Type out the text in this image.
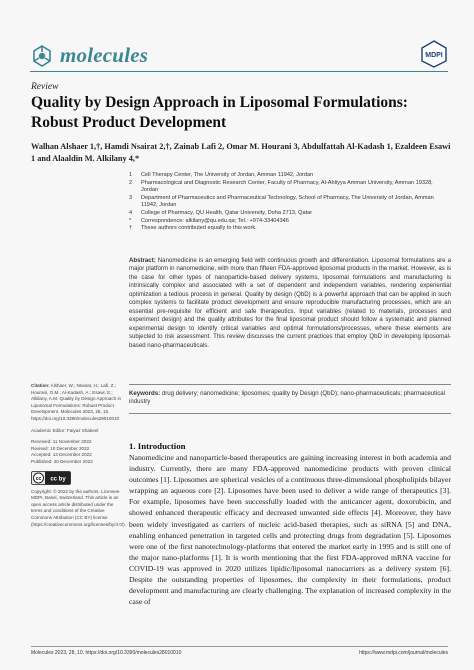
molecules	MDPI
Review
Quality by Design Approach in Liposomal Formulations: Robust Product Development
Walhan Alshaer 1,†, Hamdi Nsairat 2,†, Zainab Lafi 2, Omar M. Hourani 3, Abdulfattah Al-Kadash 1, Ezaldeen Esawi 1 and Alaaldin M. Alkilany 4,*
1	Cell Therapy Center, The University of Jordan, Amman 11942, Jordan
2	Pharmacological and Diagnostic Research Center, Faculty of Pharmacy, Al-Ahliyya Amman University, Amman 19328, Jordan
3	Department of Pharmaceutics and Pharmaceutical Technology, School of Pharmacy, The University of Jordan, Amman 11942, Jordan
4	College of Pharmacy, QU Health, Qatar University, Doha 2713, Qatar
*	Correspondence: alkilany@qu.edu.qa; Tel.: +974-33404346
†	These authors contributed equally to this work.
Abstract: Nanomedicine is an emerging field with continuous growth and differentiation. Liposomal formulations are a major platform in nanomedicine, with more than fifteen FDA-approved liposomal products in the market. However, as is the case for other types of nanoparticle-based delivery systems, liposomal formulations and manufacturing is intrinsically complex and associated with a set of dependent and independent variables, rendering experiential optimization a tedious process in general. Quality by design (QbD) is a powerful approach that can be applied in such complex systems to facilitate product development and ensure reproducible manufacturing processes, which are an essential pre-requisite for efficient and safe therapeutics. Input variables (related to materials, processes and experiment design) and the quality attributes for the final liposomal product should follow a systematic and planned experimental design to identify critical variables and optimal formulations/processes, where these elements are subjected to risk assessment. This review discusses the current practices that employ QbD in developing liposomal-based nano-pharmaceuticals.
Keywords: drug delivery; nanomedicine; liposomes; quality by Design (QbD); nano-pharmaceuticals; pharmaceutical industry
Citation: Alshaer, W.; Nsairat, H.; Lafi, Z.; Hourani, O.M.; Al-Kadash, A.; Esawi, E.; Alkilany, A.M. Quality by Design Approach in Liposomal Formulations: Robust Product Development. Molecules 2023, 28, 10. https://doi.org/10.3390/molecules28010010
Academic Editor: Faiyaz Shakeel
Received: 11 November 2022
Revised: 10 December 2022
Accepted: 13 December 2022
Published: 20 December 2022
cc cc by
Copyright: © 2022 by the authors. Licensee MDPI, Basel, Switzerland. This article is an open access article distributed under the terms and conditions of the Creative Commons Attribution (CC BY) license (https://creativecommons.org/licenses/by/4.0/).
1. Introduction
Nanomedicine and nanoparticle-based therapeutics are gaining increasing interest in both academia and industry. Currently, there are many FDA-approved nanomedicine products with proven clinical outcomes [1]. Liposomes are spherical vesicles of a continuous three-dimensional phospholipids bilayer wrapping an aqueous core [2]. Liposomes have been used to deliver a wide range of therapeutics [3]. For example, liposomes have been successfully loaded with the anticancer agent, doxorubicin, and showed enhanced therapeutic efficacy and decreased unwanted side effects [4]. Moreover, they have been widely investigated as carriers of nucleic acid-based therapies, such as siRNA [5] and DNA, enabling enhanced penetration in targeted cells and protecting drugs from degradation [5]. Liposomes were one of the first nanotechnology-platforms that entered the market early in 1995 and is still one of the major nano-platforms [1]. It is worth mentioning that the first FDA-approved mRNA vaccine for COVID-19 was approved in 2020 utilizes lipidic/liposomal nanocarriers as a delivery system [6]. Despite the outstanding properties of liposomes, the complexity in their formulations, product development and manufacturing are clearly challenging. The explanation of increased complexity in the case of
Molecules 2023, 28, 10. https://doi.org/10.3390/molecules28010010	https://www.mdpi.com/journal/molecules
